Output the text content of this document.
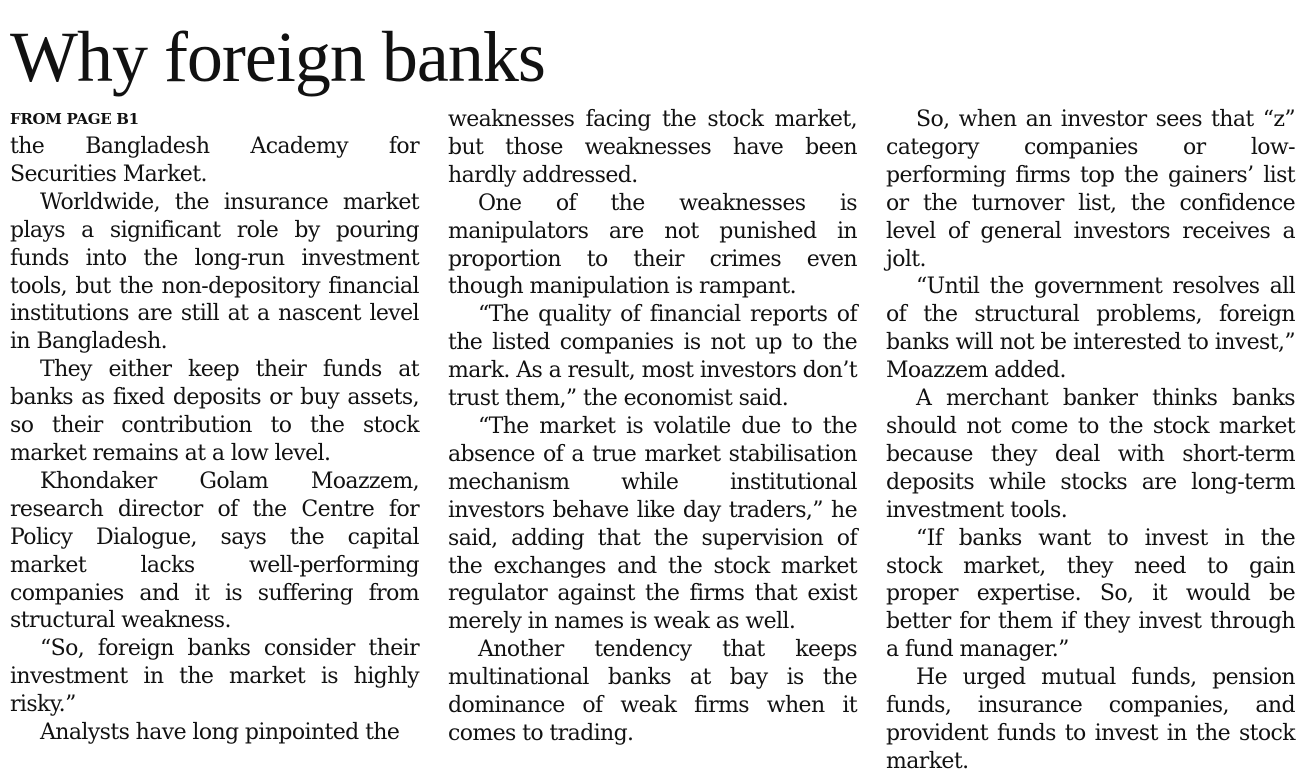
Why foreign banks
FROM PAGE B1

the Bangladesh Academy for Securities Market.

Worldwide, the insurance market plays a significant role by pouring funds into the long-run investment tools, but the non-depository financial institutions are still at a nascent level in Bangladesh.

They either keep their funds at banks as fixed deposits or buy assets, so their contribution to the stock market remains at a low level.

Khondaker Golam Moazzem, research director of the Centre for Policy Dialogue, says the capital market lacks well-performing companies and it is suffering from structural weakness.

“So, foreign banks consider their investment in the market is highly risky.”

Analysts have long pinpointed the

weaknesses facing the stock market, but those weaknesses have been hardly addressed.

One of the weaknesses is manipulators are not punished in proportion to their crimes even though manipulation is rampant.

“The quality of financial reports of the listed companies is not up to the mark. As a result, most investors don’t trust them,” the economist said.

“The market is volatile due to the absence of a true market stabilisation mechanism while institutional investors behave like day traders,” he said, adding that the supervision of the exchanges and the stock market regulator against the firms that exist merely in names is weak as well.

Another tendency that keeps multinational banks at bay is the dominance of weak firms when it comes to trading.

So, when an investor sees that “z” category companies or low-performing firms top the gainers’ list or the turnover list, the confidence level of general investors receives a jolt.

“Until the government resolves all of the structural problems, foreign banks will not be interested to invest,” Moazzem added.

A merchant banker thinks banks should not come to the stock market because they deal with short-term deposits while stocks are long-term investment tools.

“If banks want to invest in the stock market, they need to gain proper expertise. So, it would be better for them if they invest through a fund manager.”

He urged mutual funds, pension funds, insurance companies, and provident funds to invest in the stock market.
